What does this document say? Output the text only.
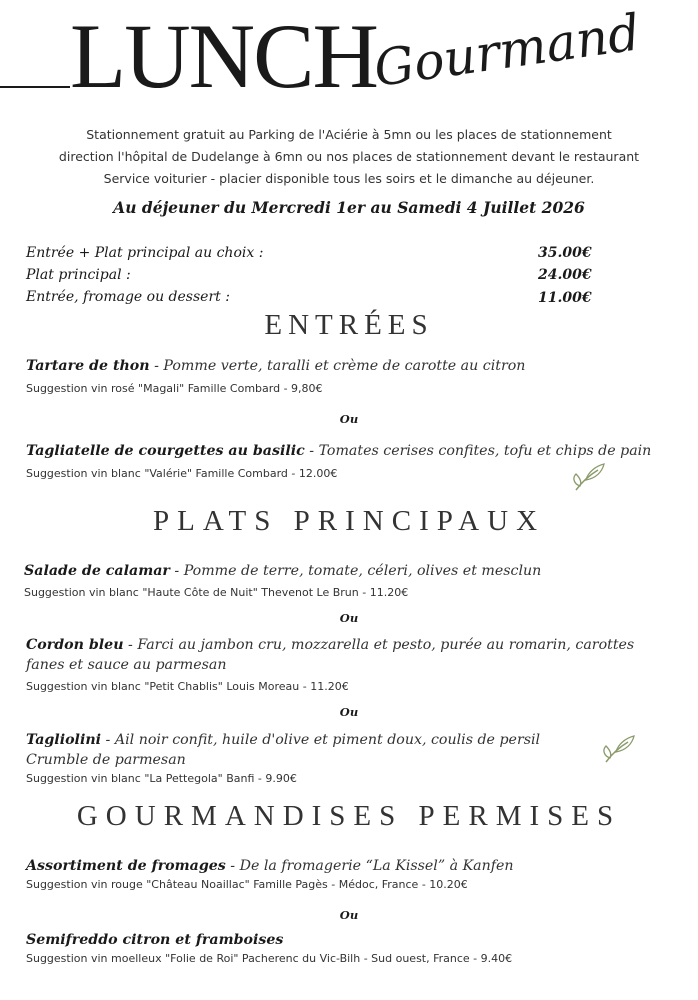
LUNCH
Gourmand
Stationnement gratuit au Parking de l'Aciérie à 5mn ou les places de stationnement
direction l'hôpital de Dudelange à 6mn ou nos places de stationnement devant le restaurant
Service voiturier - placier disponible tous les soirs et le dimanche au déjeuner.
Au déjeuner du Mercredi 1er au Samedi 4 Juillet 2026
Entrée + Plat principal au choix :	35.00€
Plat principal :	24.00€
Entrée, fromage ou dessert :	11.00€
ENTRÉES
Tartare de thon - Pomme verte, taralli et crème de carotte au citron
Suggestion vin rosé "Magali" Famille Combard - 9,80€
Ou
Tagliatelle de courgettes au basilic - Tomates cerises confites, tofu et chips de pain
Suggestion vin blanc "Valérie" Famille Combard - 12.00€
PLATS PRINCIPAUX
Salade de calamar - Pomme de terre, tomate, céleri, olives et mesclun
Suggestion vin blanc "Haute Côte de Nuit" Thevenot Le Brun - 11.20€
Ou
Cordon bleu - Farci au jambon cru, mozzarella et pesto, purée au romarin, carottes
fanes et sauce au parmesan
Suggestion vin blanc "Petit Chablis" Louis Moreau - 11.20€
Ou
Tagliolini - Ail noir confit, huile d'olive et piment doux, coulis de persil
Crumble de parmesan
Suggestion vin blanc "La Pettegola" Banfi - 9.90€
GOURMANDISES PERMISES
Assortiment de fromages - De la fromagerie “La Kissel” à Kanfen
Suggestion vin rouge "Château Noaillac" Famille Pagès - Médoc, France - 10.20€
Ou
Semifreddo citron et framboises
Suggestion vin moelleux "Folie de Roi" Pacherenc du Vic-Bilh - Sud ouest, France - 9.40€
